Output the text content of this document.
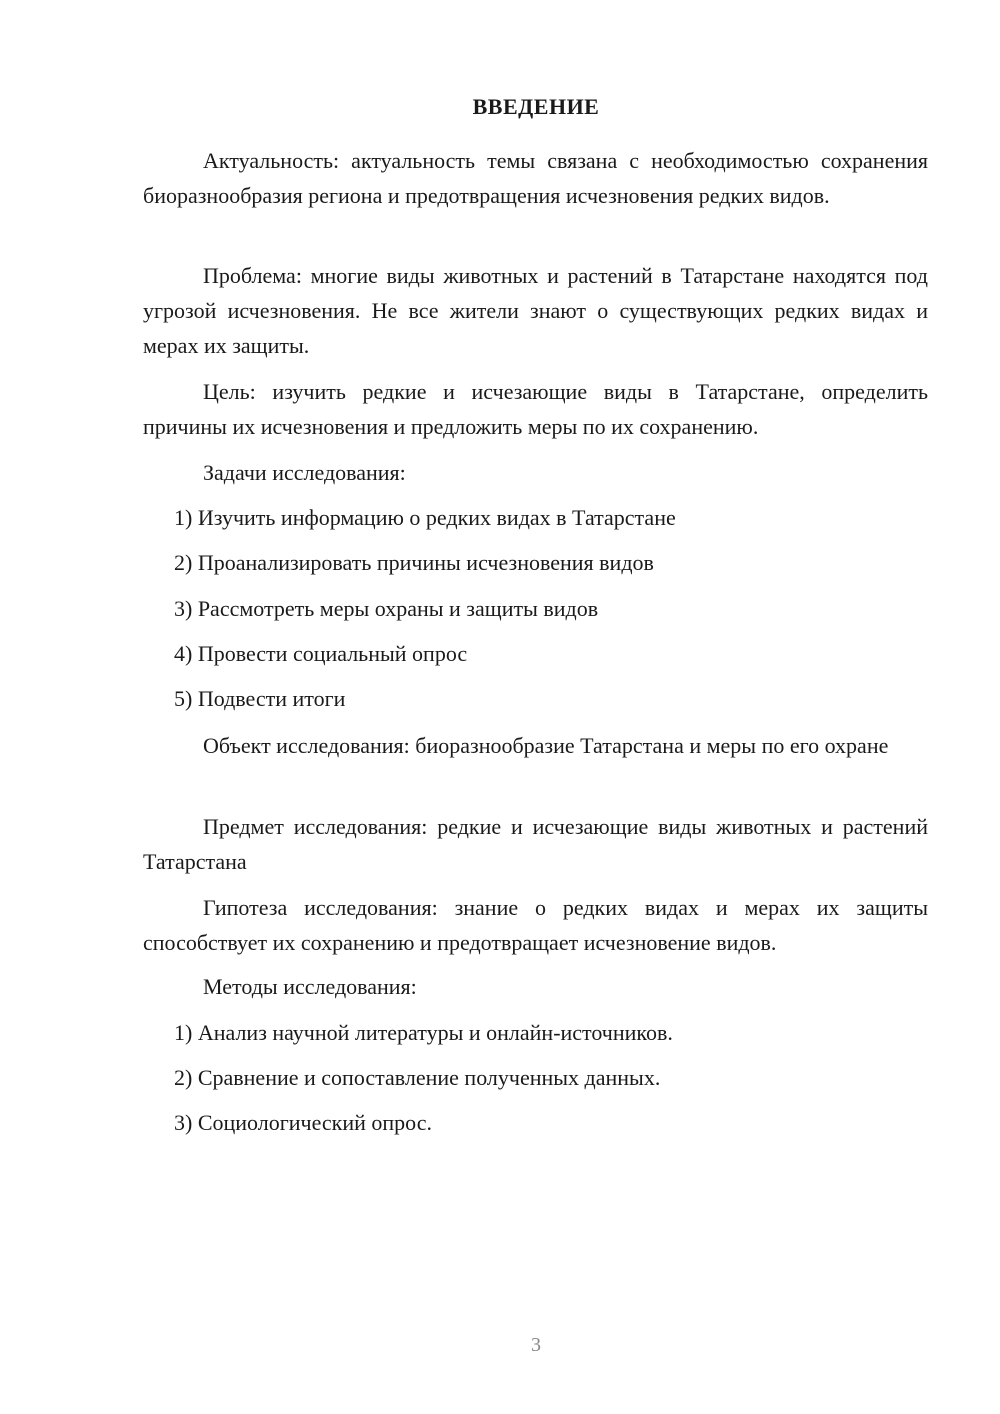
ВВЕДЕНИЕ

Актуальность: актуальность темы связана с необходимостью сохранения биоразнообразия региона и предотвращения исчезновения редких видов.

Проблема: многие виды животных и растений в Татарстане находятся под угрозой исчезновения. Не все жители знают о существующих редких видах и мерах их защиты.

Цель: изучить редкие и исчезающие виды в Татарстане, определить причины их исчезновения и предложить меры по их сохранению.

Задачи исследования:

1) Изучить информацию о редких видах в Татарстане

2) Проанализировать причины исчезновения видов

3) Рассмотреть меры охраны и защиты видов

4) Провести социальный опрос

5) Подвести итоги

Объект исследования: биоразнообразие Татарстана и меры по его охране

Предмет исследования: редкие и исчезающие виды животных и растений Татарстана

Гипотеза исследования: знание о редких видах и мерах их защиты способствует их сохранению и предотвращает исчезновение видов.

Методы исследования:

1) Анализ научной литературы и онлайн-источников.

2) Сравнение и сопоставление полученных данных.

3) Социологический опрос.

3
